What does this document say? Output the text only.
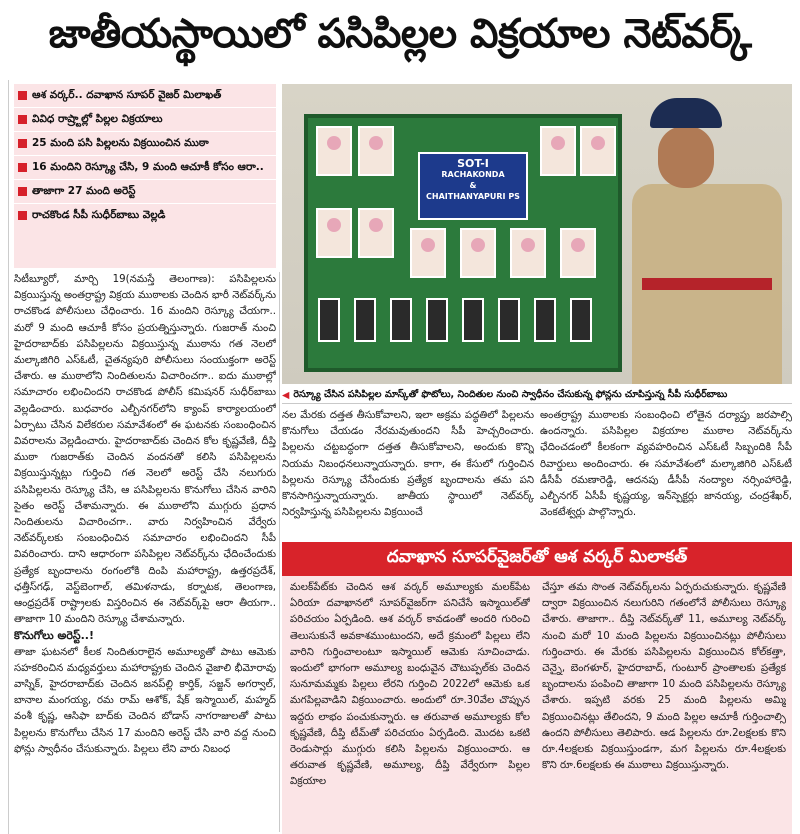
జాతీయస్థాయిలో పసిపిల్లల విక్రయాల నెట్‌వర్క్
ఆశ వర్కర్.. దవాఖాన సూపర్ వైజర్ మిలాఖత్
వివిధ రాష్ర్టాల్లో పిల్లల విక్రయాలు
25 మంది పసి పిల్లలను విక్రయించిన ముఠా
16 మందిని రెస్క్యూ చేసి, 9 మంది ఆచూకీ కోసం ఆరా..
తాజాగా 27 మంది అరెస్ట్
రాచకొండ సీపీ సుధీర్‌బాబు వెల్లడి
SOT-I
RACHAKONDA
&
CHAITHANYAPURI PS
◀ రెస్క్యూ చేసిన పసిపిల్లల మాస్క్‌తో ఫొటోలు, నిందితుల నుంచి స్వాధీనం చేసుకున్న ఫోన్లను చూపిస్తున్న సీపీ సుధీర్‌బాబు

సిటీబ్యూరో, మార్చి 19(నమస్తే తెలంగాణ): పసిపిల్లలను విక్రయిస్తున్న అంతర్రాష్ట్ర విక్రయ ముఠాలకు చెందిన భారీ నెట్‌వర్క్‌ను రాచకొండ పోలీసులు చేధించారు. 16 మందిని రెస్క్యూ చేయగా.. మరో 9 మంది ఆచూకీ కోసం ప్రయత్నిస్తున్నారు. గుజరాత్ నుంచి హైదరాబాద్‌కు పసిపిల్లలను విక్రయిస్తున్న ముఠాను గత నెలలో మల్కాజిగిరి ఎస్‌ఓటీ, చైతన్యపురి పోలీసులు సంయుక్తంగా అరెస్ట్ చేశారు. ఆ ముఠాలోని నిందితులను విచారించగా.. ఐదు ముఠాల్లో సమాచారం లభించిందని రాచకొండ పోలీస్ కమిషనర్ సుధీర్‌బాబు వెల్లడించారు. బుధవారం ఎల్బీనగర్‌లోని క్యాంప్ కార్యాలయంలో ఏర్పాటు చేసిన విలేకరుల సమావేశంలో ఈ ఘటనకు సంబంధించిన వివరాలను వెల్లడించారు. హైదరాబాద్‌కు చెందిన కోల కృష్ణవేణి, దీప్తి ముఠా గుజరాత్‌కు చెందిన వందనతో కలిసి పసిపిల్లలను విక్రయిస్తున్నట్లు గుర్తించి గత నెలలో అరెస్ట్ చేసి నలుగురు పసిపిల్లలను రెస్క్యూ చేసి, ఆ పసిపిల్లలను కొనుగోలు చేసిన వారిని సైతం అరెస్ట్ చేశామన్నారు. ఈ ముఠాలోని ముగ్గురు ప్రధాన నిందితులను విచారించగా.. వారు నిర్వహించిన వేర్వేరు నెట్‌వర్క్‌లకు సంబంధించిన సమాచారం లభించిందని సీపీ వివరించారు. దాని ఆధారంగా పసిపిల్లల నెట్‌వర్క్‌ను ఛేదించేందుకు ప్రత్యేక బృందాలను రంగంలోకి దింపి మహారాష్ట్ర, ఉత్తరప్రదేశ్, ఛత్తీస్‌గఢ్, వెస్ట్‌బెంగాల్, తమిళనాడు, కర్నాటక, తెలంగాణ, ఆంధ్రప్రదేశ్ రాష్ట్రాలకు విస్తరించిన ఈ నెట్‌వర్క్‌పై ఆరా తీయగా.. తాజాగా 10 మందిని రెస్క్యూ చేశామన్నారు.

కొనుగోలు అరెస్ట్..!

తాజా ఘటనలో కీలక నిందితురాలైన అమూల్యతో పాటు ఆమెకు సహకరించిన మధ్యవర్తులు మహారాష్ట్రకు చెందిన వైజాలి భీమోరావు వాస్నిక్, హైదరాబాద్‌కు చెందిన జనప్‌ల్లి కార్తిక్, సజ్జన్ అగర్వాల్, బానాల మంగయ్య, రమ రామ్ ఆశోక్, షేక్ ఇస్మాయిల్, మహ్మద్ వంశీ కృష్ణ, ఆసిఫా బాద్‌కు చెందిన బోడాస్ నాగరాజులతో పాటు పిల్లలను కొనుగోలు చేసిన 17 మందిని అరెస్ట్ చేసి వారి వద్ద నుంచి ఫోన్లు స్వాధీనం చేసుకున్నారు. పిల్లలు లేని వారు నిబంధ

నల మేరకు దత్తత తీసుకోవాలని, ఇలా అక్రమ పద్ధతిలో పిల్లలను కొనుగోలు చేయడం నేరమవుతుందని సీపీ హెచ్చరించారు. పిల్లలను చట్టబద్ధంగా దత్తత తీసుకోవాలని, అందుకు కొన్ని నియమ నిబంధనలున్నాయన్నారు. కాగా, ఈ కేసులో గుర్తించిన పిల్లలను రెస్క్యూ చేసేందుకు ప్రత్యేక బృందాలను తమ పని కొనసాగిస్తున్నాయన్నారు. జాతీయ స్థాయిలో నెట్‌వర్క్ నిర్వహిస్తున్న పసిపిల్లలను విక్రయించే

అంతర్రాష్ట్ర ముఠాలకు సంబంధించి లోతైన దర్యాప్తు జరపాల్సి ఉందన్నారు. పసిపిల్లల విక్రయాల ముఠాల నెట్‌వర్క్‌ను ఛేదించడంలో కీలకంగా వ్యవహరించిన ఎస్‌ఓటీ సిబ్బందికి సీపీ రివార్డులు అందించారు. ఈ సమావేశంలో మల్కాజిగిరి ఎస్‌ఓటీ డీసీపీ రమణారెడ్డి, ఆదనపు డీసీపీ నంద్యాల నర్సింహారెడ్డి, ఎల్బీనగర్ ఏసీపీ కృష్ణయ్య, ఇన్‌స్పెక్టర్లు జానయ్య, చంద్రశేఖర్, వెంకటేశ్వర్లు పాల్గొన్నారు.

దవాఖాన సూపర్‌వైజర్‌తో ఆశ వర్కర్ మిలాకత్

మలక్‌పేట్‌కు చెందిన ఆశ వర్కర్ అమూల్యకు మలక్‌పేట ఏరియా దవాఖానలో సూపర్‌వైజర్‌గా పనిచేసే ఇస్మాయిల్‌తో పరిచయం ఏర్పడింది. ఆశ వర్కర్ కావడంతో అందరి గురించి తెలుసుకునే అవకాశముంటుందని, అదే క్రమంలో పిల్లలు లేని వారిని గుర్తించాలంటూ ఇస్మాయిల్ ఆమెకు సూచించాడు. ఇందులో భాగంగా అమూల్య బంధువైన చౌటుప్పల్‌కు చెందిన సునూమమ్మకు పిల్లలు లేరని గుర్తించి 2022లో ఆమెకు ఒక మగపిల్లవాడిని విక్రయించారు. అందులో రూ.30వేల చొప్పున ఇద్దరు లాభం పంచుకున్నారు. ఆ తరువాత అమూల్యకు కోల కృష్ణవేణి, దీప్తి టీమ్‌తో పరిచయం ఏర్పడింది. మొదట ఒకటి రెండుసార్లు ముగ్గురు కలిసి పిల్లలను విక్రయించారు. ఆ తరువాత కృష్ణవేణి, అమూల్య, దీప్తి వేర్వేరుగా పిల్లల విక్రయాల

చేస్తూ తమ సొంత నెట్‌వర్క్‌లను ఏర్పరుచుకున్నారు. కృష్ణవేణి ద్వారా విక్రయించిన నలుగురిని గతంలోనే పోలీసులు రెస్క్యూ చేశారు. తాజాగా.. దీప్తి నెట్‌వర్క్‌తో 11, అమూల్య నెట్‌వర్క్ నుంచి మరో 10 మంది పిల్లలను విక్రయించినట్లు పోలీసులు గుర్తించారు. ఈ మేరకు పసిపిల్లలను విక్రయించిన కోల్‌కత్తా, చెన్నై, బెంగళూర్, హైదరాబాద్, గుంటూర్ ప్రాంతాలకు ప్రత్యేక బృందాలను పంపించి తాజాగా 10 మంది పసిపిల్లలను రెస్క్యూ చేశారు. ఇప్పటి వరకు 25 మంది పిల్లలను అమ్మి విక్రయించినట్లు తేలిందని, 9 మంది పిల్లల ఆచూకీ గుర్తించాల్సి ఉందని పోలీసులు తెలిపారు. ఆడ పిల్లలను రూ.2లక్షలకు కొని రూ.4లక్షలకు విక్రయిస్తుండగా, మగ పిల్లలను రూ.4లక్షలకు కొని రూ.6లక్షలకు ఈ ముఠాలు విక్రయిస్తున్నారు.
